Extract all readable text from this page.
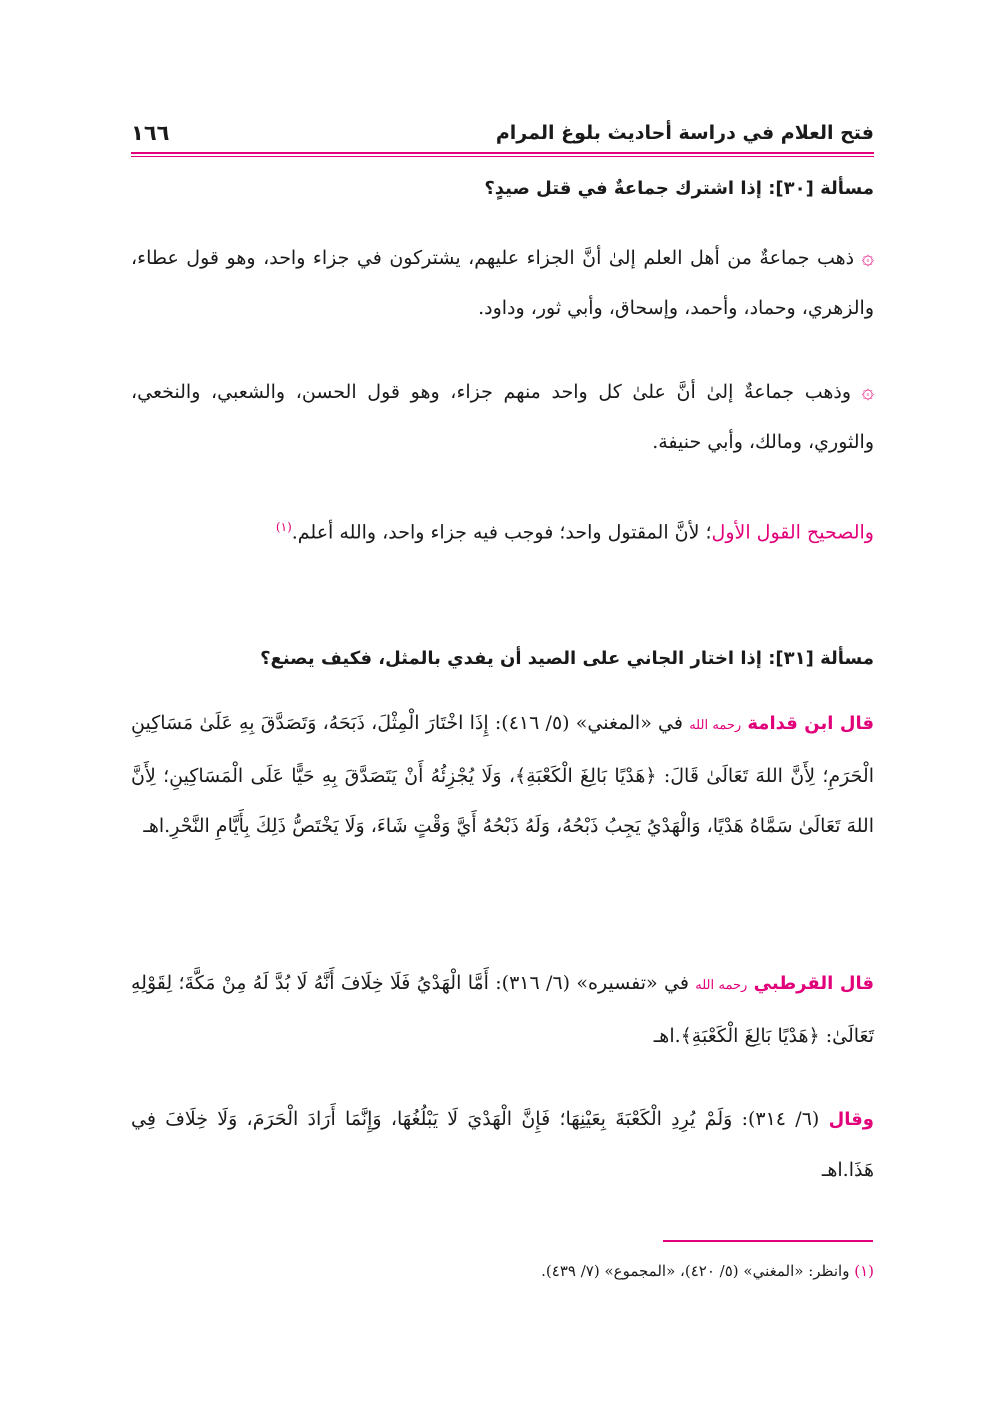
فتح العلام في دراسة أحاديث بلوغ المرام
١٦٦
مسألة [٣٠]: إذا اشترك جماعةٌ في قتل صيدٍ؟
۞ ذهب جماعةٌ من أهل العلم إلىٰ أنَّ الجزاء عليهم، يشتركون في جزاء واحد، وهو قول عطاء، والزهري، وحماد، وأحمد، وإسحاق، وأبي ثور، وداود.
۞ وذهب جماعةٌ إلىٰ أنَّ علىٰ كل واحد منهم جزاء، وهو قول الحسن، والشعبي، والنخعي، والثوري، ومالك، وأبي حنيفة.
والصحيح القول الأول؛ لأنَّ المقتول واحد؛ فوجب فيه جزاء واحد، والله أعلم.$^{(١)}$
مسألة [٣١]: إذا اختار الجاني على الصيد أن يفدي بالمثل، فكيف يصنع؟
قال ابن قدامة رحمه الله في «المغني» (٥/ ٤١٦): إِذَا اخْتَارَ الْمِثْلَ، ذَبَحَهُ، وَتَصَدَّقَ بِهِ عَلَىٰ مَسَاكِينِ الْحَرَمِ؛ لِأَنَّ اللهَ تَعَالَىٰ قَالَ: ﴿هَدْيًا بَالِغَ الْكَعْبَةِ﴾، وَلَا يُجْزِئُهُ أَنْ يَتَصَدَّقَ بِهِ حَيًّا عَلَى الْمَسَاكِينِ؛ لِأَنَّ اللهَ تَعَالَىٰ سَمَّاهُ هَدْيًا، وَالْهَدْيُ يَجِبُ ذَبْحُهُ، وَلَهُ ذَبْحُهُ أَيَّ وَقْتٍ شَاءَ، وَلَا يَخْتَصُّ ذَلِكَ بِأَيَّامِ النَّحْرِ.اهـ
قال القرطبي رحمه الله في «تفسيره» (٦/ ٣١٦): أَمَّا الْهَدْيُ فَلَا خِلَافَ أَنَّهُ لَا بُدَّ لَهُ مِنْ مَكَّةَ؛ لِقَوْلِهِ تَعَالَىٰ: ﴿هَدْيًا بَالِغَ الْكَعْبَةِ﴾.اهـ
وقال (٦/ ٣١٤): وَلَمْ يُرِدِ الْكَعْبَةَ بِعَيْنِهَا؛ فَإِنَّ الْهَدْيَ لَا يَبْلُغُهَا، وَإِنَّمَا أَرَادَ الْحَرَمَ، وَلَا خِلَافَ فِي هَذَا.اهـ
(١) وانظر: «المغني» (٥/ ٤٢٠)، «المجموع» (٧/ ٤٣٩).
